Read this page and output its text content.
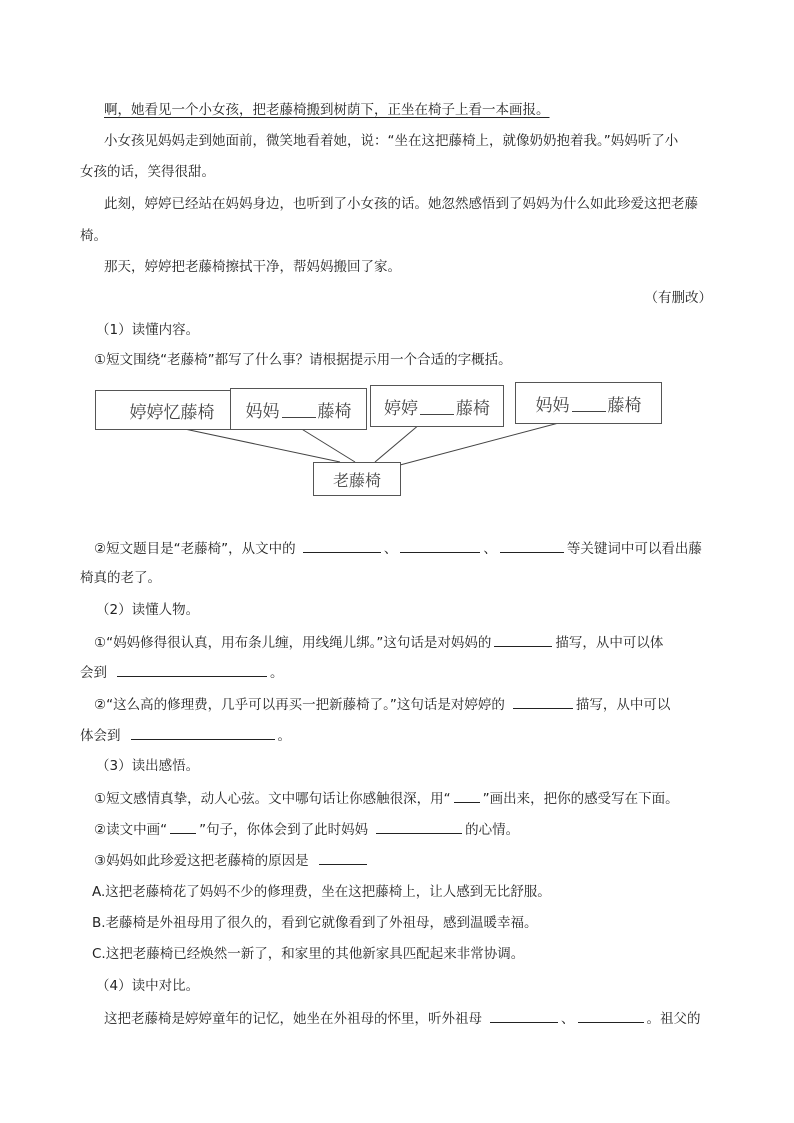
啊，她看见一个小女孩，把老藤椅搬到树荫下，正坐在椅子上看一本画报。
小女孩见妈妈走到她面前，微笑地看着她，说：“坐在这把藤椅上，就像奶奶抱着我。”妈妈听了小
女孩的话，笑得很甜。
此刻，婷婷已经站在妈妈身边，也听到了小女孩的话。她忽然感悟到了妈妈为什么如此珍爱这把老藤
椅。
那天，婷婷把老藤椅擦拭干净，帮妈妈搬回了家。
（有删改）
（1）读懂内容。
①短文围绕“老藤椅”都写了什么事？请根据提示用一个合适的字概括。
婷婷忆藤椅 妈妈 藤椅 婷婷 藤椅	妈妈 藤椅
老藤椅
②短文题目是“老藤椅”，从文中的	、	、	等关键词中可以看出藤
椅真的老了。
（2）读懂人物。
①“妈妈修得很认真，用布条儿缠，用线绳儿绑。”这句话是对妈妈的	描写，从中可以体
会到	。
②“这么高的修理费，几乎可以再买一把新藤椅了。”这句话是对婷婷的	描写，从中可以
体会到	。
（3）读出感悟。
①短文感情真挚，动人心弦。文中哪句话让你感触很深，用“ ”画出来，把你的感受写在下面。
②读文中画“ ”句子，你体会到了此时妈妈	的心情。
③妈妈如此珍爱这把老藤椅的原因是
A.这把老藤椅花了妈妈不少的修理费，坐在这把藤椅上，让人感到无比舒服。
B.老藤椅是外祖母用了很久的，看到它就像看到了外祖母，感到温暖幸福。
C.这把老藤椅已经焕然一新了，和家里的其他新家具匹配起来非常协调。
（4）读中对比。
这把老藤椅是婷婷童年的记忆，她坐在外祖母的怀里，听外祖母	、	。祖父的
